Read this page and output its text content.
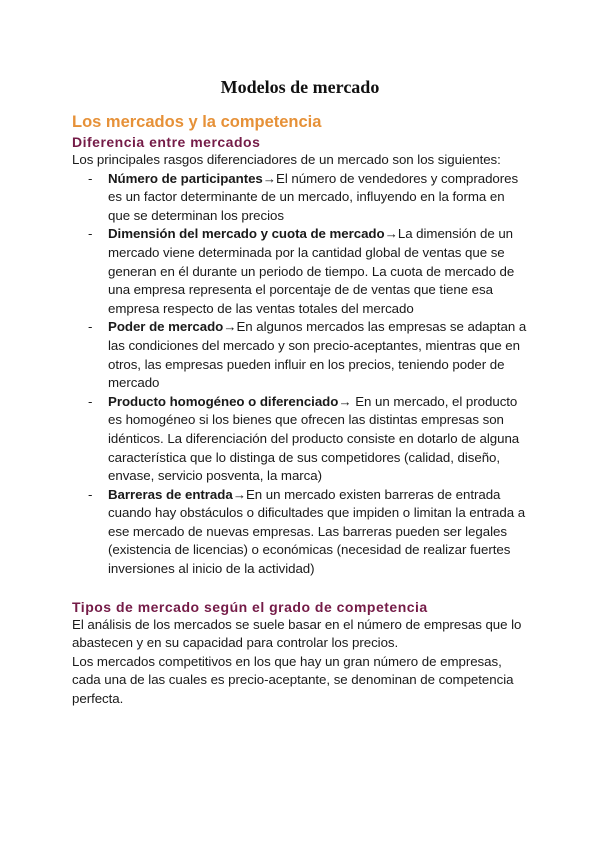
Modelos de mercado
Los mercados y la competencia
Diferencia entre mercados

Los principales rasgos diferenciadores de un mercado son los siguientes:

- Número de participantes→El número de vendedores y compradores es un factor determinante de un mercado, influyendo en la forma en que se determinan los precios
- Dimensión del mercado y cuota de mercado→La dimensión de un mercado viene determinada por la cantidad global de ventas que se generan en él durante un periodo de tiempo. La cuota de mercado de una empresa representa el porcentaje de de ventas que tiene esa empresa respecto de las ventas totales del mercado
- Poder de mercado→En algunos mercados las empresas se adaptan a las condiciones del mercado y son precio-aceptantes, mientras que en otros, las empresas pueden influir en los precios, teniendo poder de mercado
- Producto homogéneo o diferenciado→ En un mercado, el producto es homogéneo si los bienes que ofrecen las distintas empresas son idénticos. La diferenciación del producto consiste en dotarlo de alguna característica que lo distinga de sus competidores (calidad, diseño, envase, servicio posventa, la marca)
- Barreras de entrada→En un mercado existen barreras de entrada cuando hay obstáculos o dificultades que impiden o limitan la entrada a ese mercado de nuevas empresas. Las barreras pueden ser legales (existencia de licencias) o económicas (necesidad de realizar fuertes inversiones al inicio de la actividad)
Tipos de mercado según el grado de competencia

El análisis de los mercados se suele basar en el número de empresas que lo abastecen y en su capacidad para controlar los precios.

Los mercados competitivos en los que hay un gran número de empresas, cada una de las cuales es precio-aceptante, se denominan de competencia perfecta.
